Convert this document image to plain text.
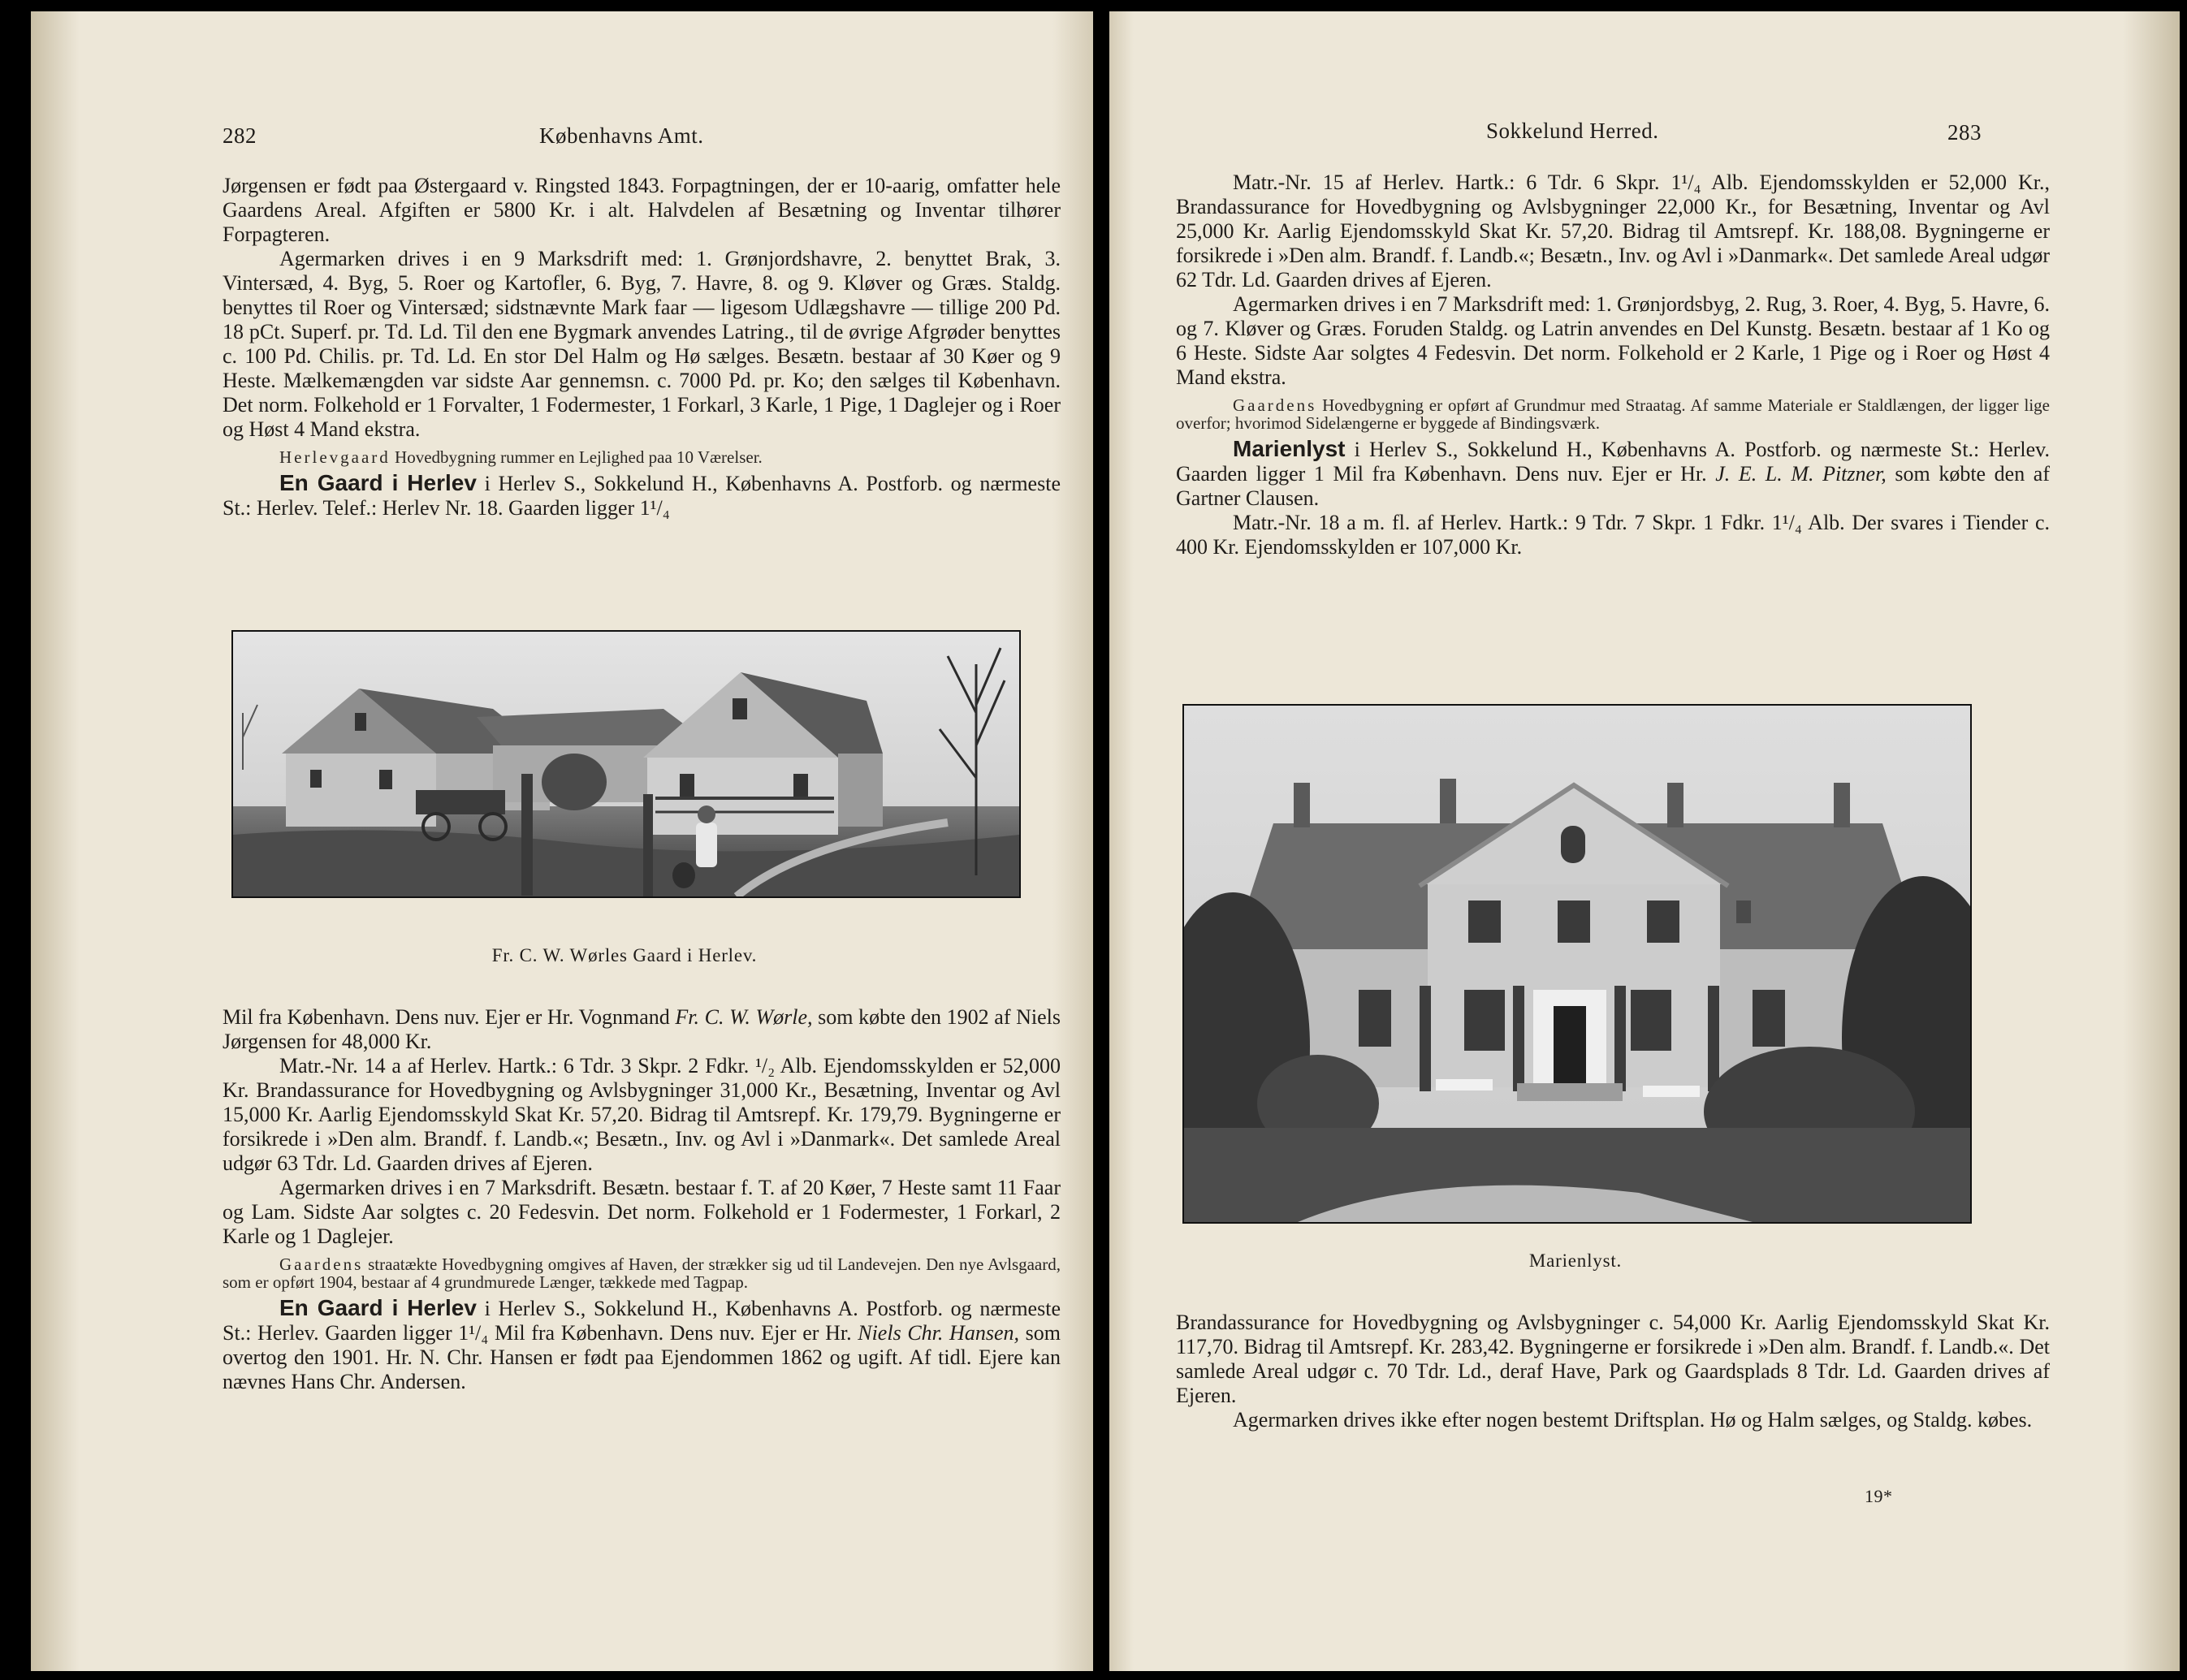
282	Københavns Amt.

Jørgensen er født paa Østergaard v. Ringsted 1843. Forpagtningen, der er 10-aarig, omfatter hele Gaardens Areal. Afgiften er 5800 Kr. i alt. Halvdelen af Besætning og Inventar tilhører Forpagteren.

Agermarken drives i en 9 Marksdrift med: 1. Grønjordshavre, 2. benyttet Brak, 3. Vintersæd, 4. Byg, 5. Roer og Kartofler, 6. Byg, 7. Havre, 8. og 9. Kløver og Græs. Staldg. benyttes til Roer og Vintersæd; sidstnævnte Mark faar — ligesom Udlægshavre — tillige 200 Pd. 18 pCt. Superf. pr. Td. Ld. Til den ene Bygmark anvendes Latring., til de øvrige Afgrøder benyttes c. 100 Pd. Chilis. pr. Td. Ld. En stor Del Halm og Hø sælges. Besætn. bestaar af 30 Køer og 9 Heste. Mælkemængden var sidste Aar gennemsn. c. 7000 Pd. pr. Ko; den sælges til København. Det norm. Folkehold er 1 Forvalter, 1 Fodermester, 1 Forkarl, 3 Karle, 1 Pige, 1 Daglejer og i Roer og Høst 4 Mand ekstra.

Herlevgaard Hovedbygning rummer en Lejlighed paa 10 Værelser.

En Gaard i Herlev i Herlev S., Sokkelund H., Københavns A. Postforb. og nærmeste St.: Herlev. Telef.: Herlev Nr. 18. Gaarden ligger 1¹/₄

Fr. C. W. Wørles Gaard i Herlev.

Mil fra København. Dens nuv. Ejer er Hr. Vognmand Fr. C. W. Wørle, som købte den 1902 af Niels Jørgensen for 48,000 Kr.

Matr.-Nr. 14 a af Herlev. Hartk.: 6 Tdr. 3 Skpr. 2 Fdkr. ¹/₂ Alb. Ejendomsskylden er 52,000 Kr. Brandassurance for Hovedbygning og Avlsbygninger 31,000 Kr., Besætning, Inventar og Avl 15,000 Kr. Aarlig Ejendomsskyld Skat Kr. 57,20. Bidrag til Amtsrepf. Kr. 179,79. Bygningerne er forsikrede i »Den alm. Brandf. f. Landb.«; Besætn., Inv. og Avl i »Danmark«. Det samlede Areal udgør 63 Tdr. Ld. Gaarden drives af Ejeren.

Agermarken drives i en 7 Marksdrift. Besætn. bestaar f. T. af 20 Køer, 7 Heste samt 11 Faar og Lam. Sidste Aar solgtes c. 20 Fedesvin. Det norm. Folkehold er 1 Fodermester, 1 Forkarl, 2 Karle og 1 Daglejer.

Gaardens straatækte Hovedbygning omgives af Haven, der strækker sig ud til Landevejen. Den nye Avlsgaard, som er opført 1904, bestaar af 4 grundmurede Længer, tækkede med Tagpap.

En Gaard i Herlev i Herlev S., Sokkelund H., Københavns A. Postforb. og nærmeste St.: Herlev. Gaarden ligger 1¹/₄ Mil fra København. Dens nuv. Ejer er Hr. Niels Chr. Hansen, som overtog den 1901. Hr. N. Chr. Hansen er født paa Ejendommen 1862 og ugift. Af tidl. Ejere kan nævnes Hans Chr. Andersen.

Sokkelund Herred.	283

Matr.-Nr. 15 af Herlev. Hartk.: 6 Tdr. 6 Skpr. 1¹/₄ Alb. Ejendomsskylden er 52,000 Kr., Brandassurance for Hovedbygning og Avlsbygninger 22,000 Kr., for Besætning, Inventar og Avl 25,000 Kr. Aarlig Ejendomsskyld Skat Kr. 57,20. Bidrag til Amtsrepf. Kr. 188,08. Bygningerne er forsikrede i »Den alm. Brandf. f. Landb.«; Besætn., Inv. og Avl i »Danmark«. Det samlede Areal udgør 62 Tdr. Ld. Gaarden drives af Ejeren.

Agermarken drives i en 7 Marksdrift med: 1. Grønjordsbyg, 2. Rug, 3. Roer, 4. Byg, 5. Havre, 6. og 7. Kløver og Græs. Foruden Staldg. og Latrin anvendes en Del Kunstg. Besætn. bestaar af 1 Ko og 6 Heste. Sidste Aar solgtes 4 Fedesvin. Det norm. Folkehold er 2 Karle, 1 Pige og i Roer og Høst 4 Mand ekstra.

Gaardens Hovedbygning er opført af Grundmur med Straatag. Af samme Materiale er Staldlængen, der ligger lige overfor; hvorimod Sidelængerne er byggede af Bindingsværk.

Marienlyst i Herlev S., Sokkelund H., Københavns A. Postforb. og nærmeste St.: Herlev. Gaarden ligger 1 Mil fra København. Dens nuv. Ejer er Hr. J. E. L. M. Pitzner, som købte den af Gartner Clausen.

Matr.-Nr. 18 a m. fl. af Herlev. Hartk.: 9 Tdr. 7 Skpr. 1 Fdkr. 1¹/₄ Alb. Der svares i Tiender c. 400 Kr. Ejendomsskylden er 107,000 Kr.

Marienlyst.

Brandassurance for Hovedbygning og Avlsbygninger c. 54,000 Kr. Aarlig Ejendomsskyld Skat Kr. 117,70. Bidrag til Amtsrepf. Kr. 283,42. Bygningerne er forsikrede i »Den alm. Brandf. f. Landb.«. Det samlede Areal udgør c. 70 Tdr. Ld., deraf Have, Park og Gaardsplads 8 Tdr. Ld. Gaarden drives af Ejeren.

Agermarken drives ikke efter nogen bestemt Driftsplan. Hø og Halm sælges, og Staldg. købes.

19*
